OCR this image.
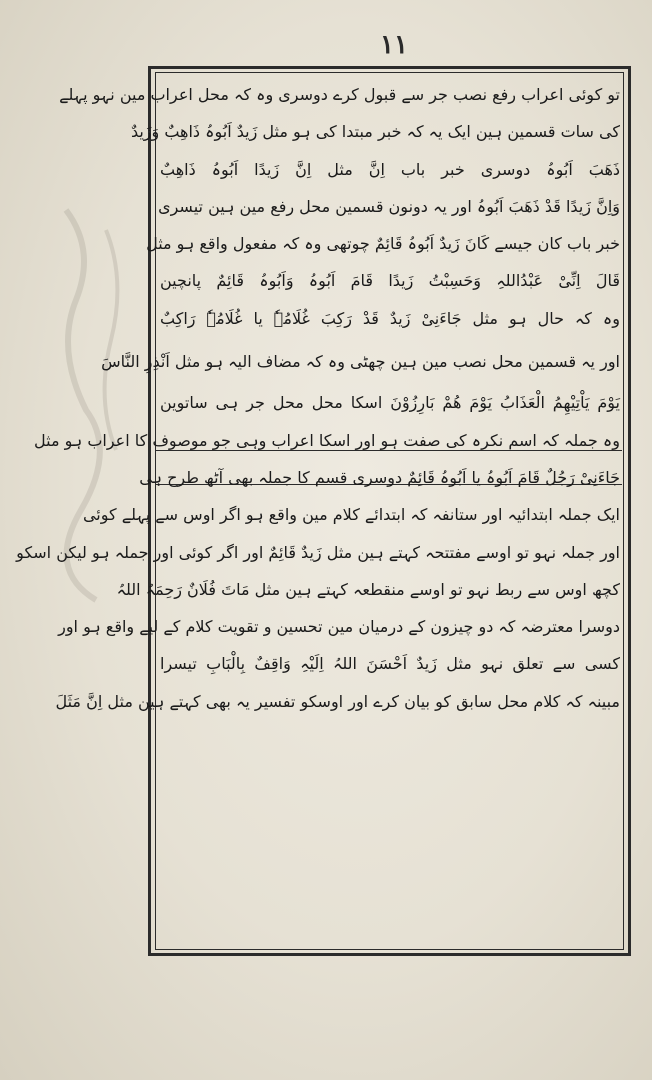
١١
تو کوئی اعراب رفع نصب جر سے قبول کرے دوسری وہ کہ محل اعراب مین نہو پہلے
کی سات قسمین ہین ایک یہ کہ خبر مبتدا کی ہو مثل زَیدٌ اَبُوہُ ذَاھِبٌ وَزَیدٌ
ذَھَبَ اَبُوہُ دوسری خبر باب اِنَّ مثل اِنَّ زَیدًا اَبُوہُ ذَاھِبٌ
وَاِنَّ زَیدًا قَدْ ذَھَبَ اَبُوہُ اور یہ دونون قسمین محل رفع مین ہین تیسری
خبر باب کان جیسے کَانَ زَیدٌ اَبُوہُ قَائِمٌ چوتھی وہ کہ مفعول واقع ہو مثل
قَالَ اِنِّیْ عَبْدُاللہِ وَحَسِبْتُ زَیدًا قَامَ اَبُوہُ وَاَبُوہُ قَائِمٌ پانچین
وہ کہ حال ہو مثل جَاءَنِیْ زَیدٌ قَدْ رَکِبَ غُلَامُہٗ یا غُلَامُہٗ رَاکِبٌ
اور یہ قسمین محل نصب مین ہین چھٹی وہ کہ مضاف الیہ ہو مثل اَنْذِرِ النَّاسَ
یَوْمَ یَاْتِیْھِمُ الْعَذَابُ یَوْمَ ھُمْ بَارِزُوْنَ اسکا محل محل جر ہی ساتوین
وہ جملہ کہ اسم نکرہ کی صفت ہو اور اسکا اعراب وہی جو موصوف کا اعراب ہو مثل
جَاءَنِیْ رَجُلٌ قَامَ اَبُوہُ یا اَبُوہُ قَائِمٌ دوسری قسم کا جملہ بھی آٹھ طرح ہی
ایک جملہ ابتدائیہ اور ستانفہ کہ ابتدائے کلام مین واقع ہو اگر اوس سے پہلے کوئی
اور جملہ نہو تو اوسے مفتتحہ کہتے ہین مثل زَیدٌ قَائِمٌ اور اگر کوئی اور جملہ ہو لیکن اسکو
کچھ اوس سے ربط نہو تو اوسے منقطعہ کہتے ہین مثل مَاتَ فُلَانٌ رَحِمَہُ اللہُ
دوسرا معترضہ کہ دو چیزون کے درمیان مین تحسین و تقویت کلام کے لیے واقع ہو اور
کسی سے تعلق نہو مثل زَیدٌ اَحْسَنَ اللہُ اِلَیْہِ وَاقِفٌ بِالْبَابِ تیسرا
مبینہ کہ کلام محل سابق کو بیان کرے اور اوسکو تفسیر یہ بھی کہتے ہین مثل اِنَّ مَثَلَ
